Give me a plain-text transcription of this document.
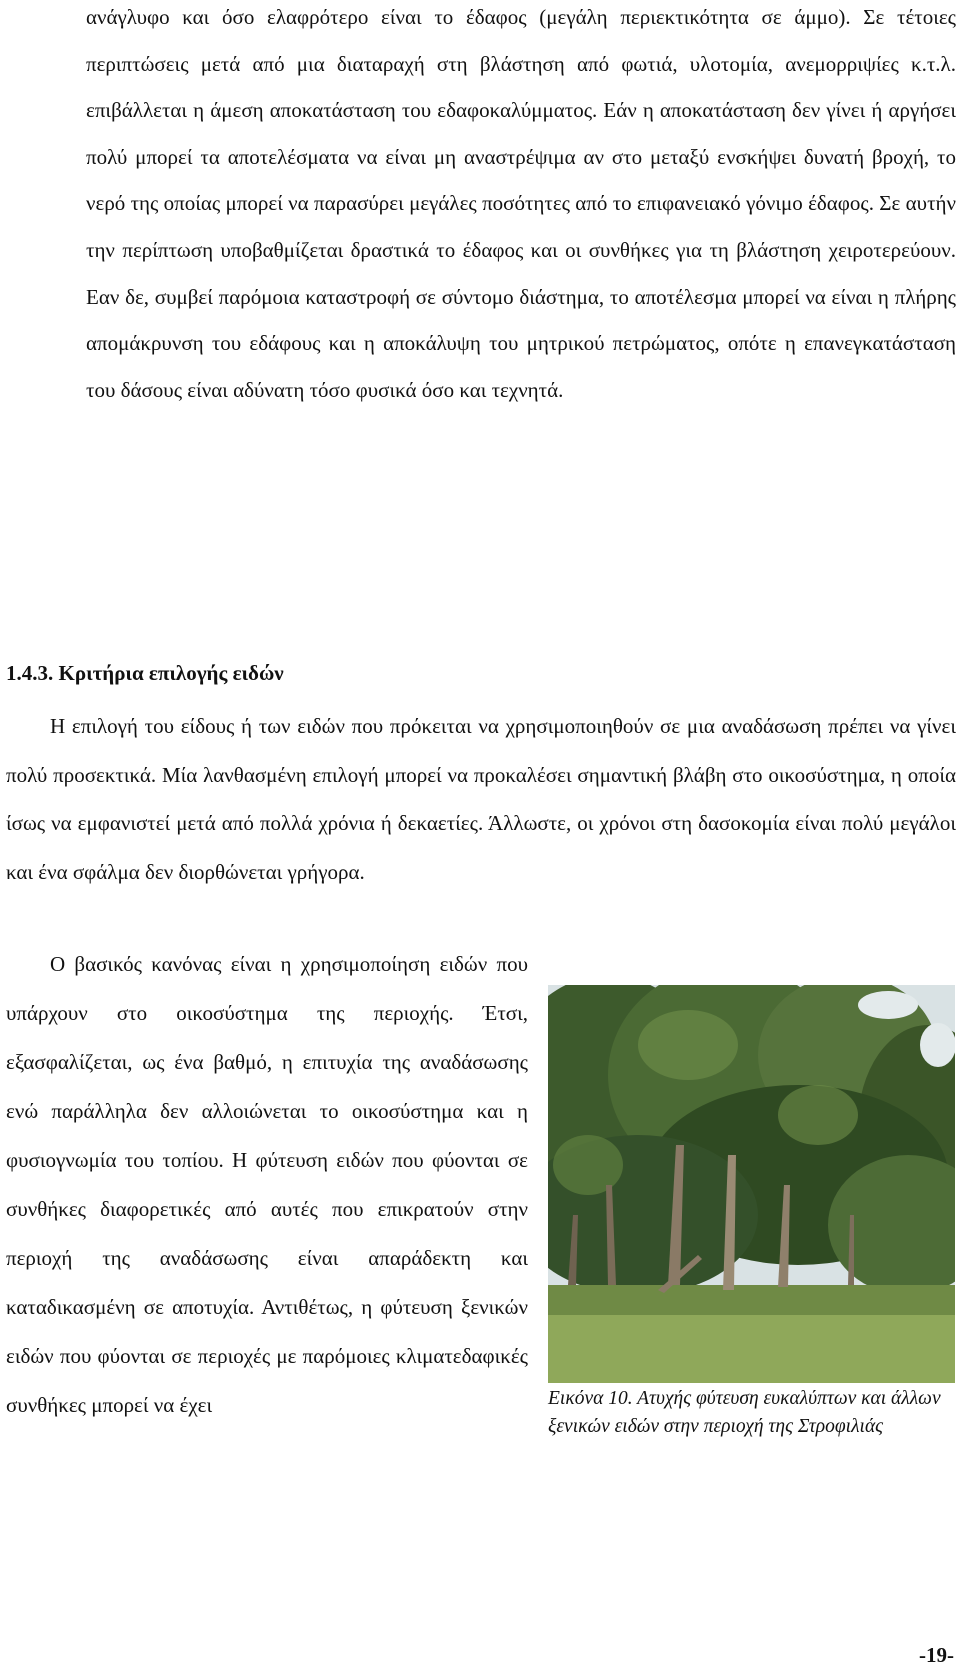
ανάγλυφο και όσο ελαφρότερο είναι το έδαφος (μεγάλη περιεκτικότητα σε άμμο). Σε τέτοιες περιπτώσεις μετά από μια διαταραχή στη βλάστηση από φωτιά, υλοτομία, ανεμορριψίες κ.τ.λ. επιβάλλεται η άμεση αποκατάσταση του εδαφοκαλύμματος. Εάν η αποκατάσταση δεν γίνει ή αργήσει πολύ μπορεί τα αποτελέσματα να είναι μη αναστρέψιμα αν στο μεταξύ ενσκήψει δυνατή βροχή, το νερό της οποίας μπορεί να παρασύρει μεγάλες ποσότητες από το επιφανειακό γόνιμο έδαφος. Σε αυτήν την περίπτωση υποβαθμίζεται δραστικά το έδαφος και οι συνθήκες για τη βλάστηση χειροτερεύουν. Εαν δε, συμβεί παρόμοια καταστροφή σε σύντομο διάστημα, το αποτέλεσμα μπορεί να είναι η πλήρης απομάκρυνση του εδάφους και η αποκάλυψη του μητρικού πετρώματος, οπότε η επανεγκατάσταση του δάσους είναι αδύνατη τόσο φυσικά όσο και τεχνητά.

1.4.3. Κριτήρια επιλογής ειδών

Η επιλογή του είδους ή των ειδών που πρόκειται να χρησιμοποιηθούν σε μια αναδάσωση πρέπει να γίνει πολύ προσεκτικά. Μία λανθασμένη επιλογή μπορεί να προκαλέσει σημαντική βλάβη στο οικοσύστημα, η οποία ίσως να εμφανιστεί μετά από πολλά χρόνια ή δεκαετίες. Άλλωστε, οι χρόνοι στη δασοκομία είναι πολύ μεγάλοι και ένα σφάλμα δεν διορθώνεται γρήγορα.

Ο βασικός κανόνας είναι η χρησιμοποίηση ειδών που υπάρχουν στο οικοσύστημα της περιοχής. Έτσι, εξασφαλίζεται, ως ένα βαθμό, η επιτυχία της αναδάσωσης ενώ παράλληλα δεν αλλοιώνεται το οικοσύστημα και η φυσιογνωμία του τοπίου. Η φύτευση ειδών που φύονται σε συνθήκες διαφορετικές από αυτές που επικρατούν στην περιοχή της αναδάσωσης είναι απαράδεκτη και καταδικασμένη σε αποτυχία. Αντιθέτως, η φύτευση ξενικών ειδών που φύονται σε περιοχές με παρόμοιες κλιματεδαφικές συνθήκες μπορεί να έχει	Εικόνα 10. Ατυχής φύτευση ευκαλύπτων και άλλων ξενικών ειδών στην περιοχή της Στροφιλιάς

-19-
